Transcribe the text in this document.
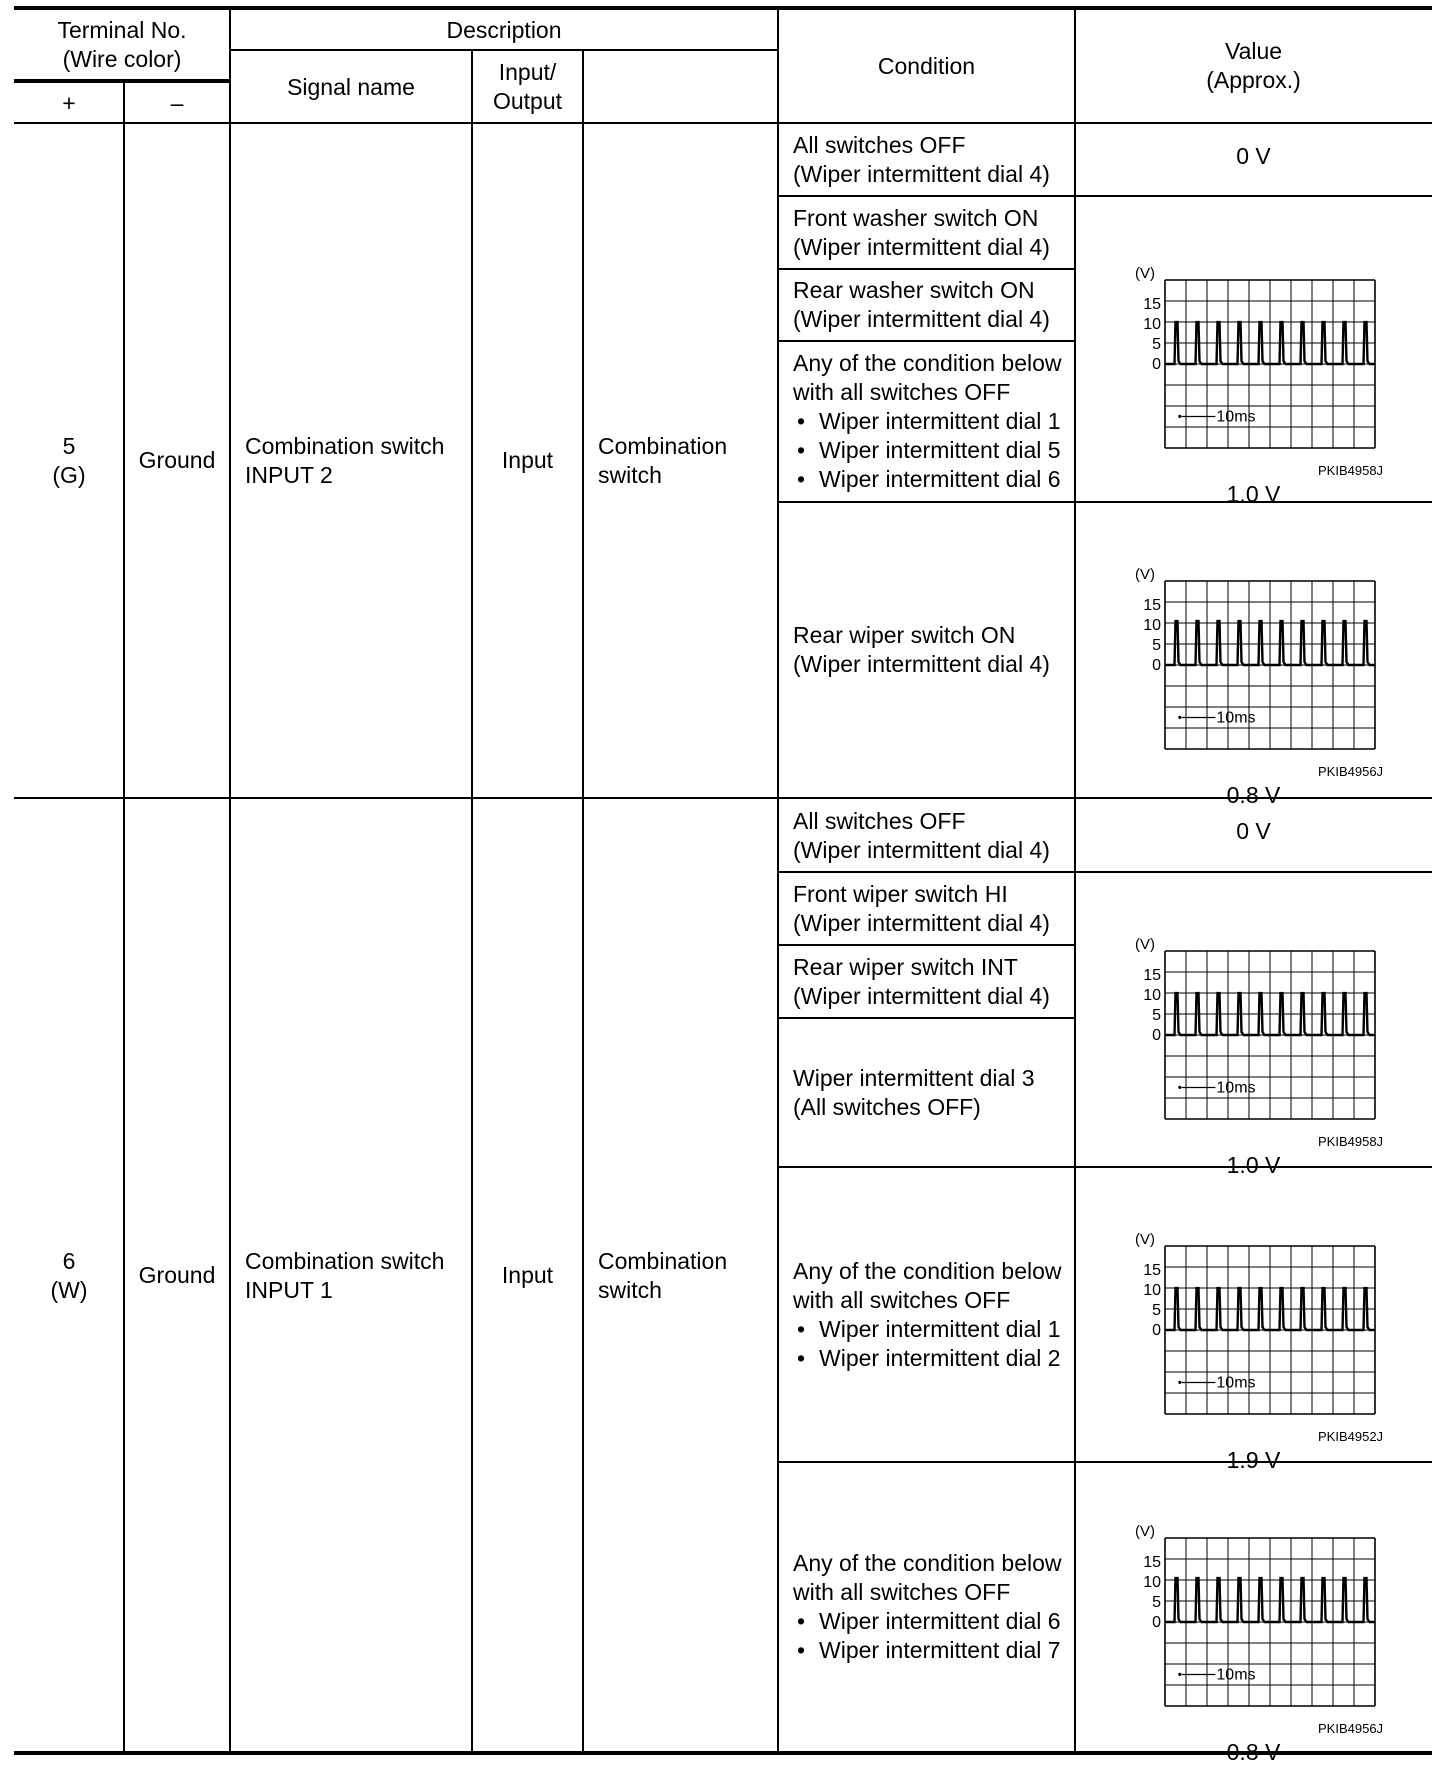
Terminal No.
(Wire color)
+	–
Description
Signal name
Input/
Output
Condition
Value
(Approx.)
5
(G)
Ground
Combination switch
INPUT 2
Input
Combination
switch
All switches OFF
(Wiper intermittent dial 4)
Front washer switch ON
(Wiper intermittent dial 4)
Rear washer switch ON
(Wiper intermittent dial 4)
Any of the condition below
with all switches OFF
• Wiper intermittent dial 1
• Wiper intermittent dial 5
• Wiper intermittent dial 6
Rear wiper switch ON
(Wiper intermittent dial 4)
0 V
(V)
15
10
5
0
• 10ms
PKIB4958J
1.0 V
(V)
15
10
5
0
• 10ms
PKIB4956J
0.8 V
6
(W)
Ground
Combination switch
INPUT 1
Input
Combination
switch
All switches OFF
(Wiper intermittent dial 4)
Front wiper switch HI
(Wiper intermittent dial 4)
Rear wiper switch INT
(Wiper intermittent dial 4)
Wiper intermittent dial 3
(All switches OFF)
Any of the condition below
with all switches OFF
• Wiper intermittent dial 1
• Wiper intermittent dial 2
Any of the condition below
with all switches OFF
• Wiper intermittent dial 6
• Wiper intermittent dial 7
0 V
(V)
15
10
5
0
• 10ms
PKIB4958J
1.0 V
(V)
15
10
5
0
• 10ms
PKIB4952J
1.9 V
(V)
15
10
5
0
• 10ms
PKIB4956J
0.8 V
